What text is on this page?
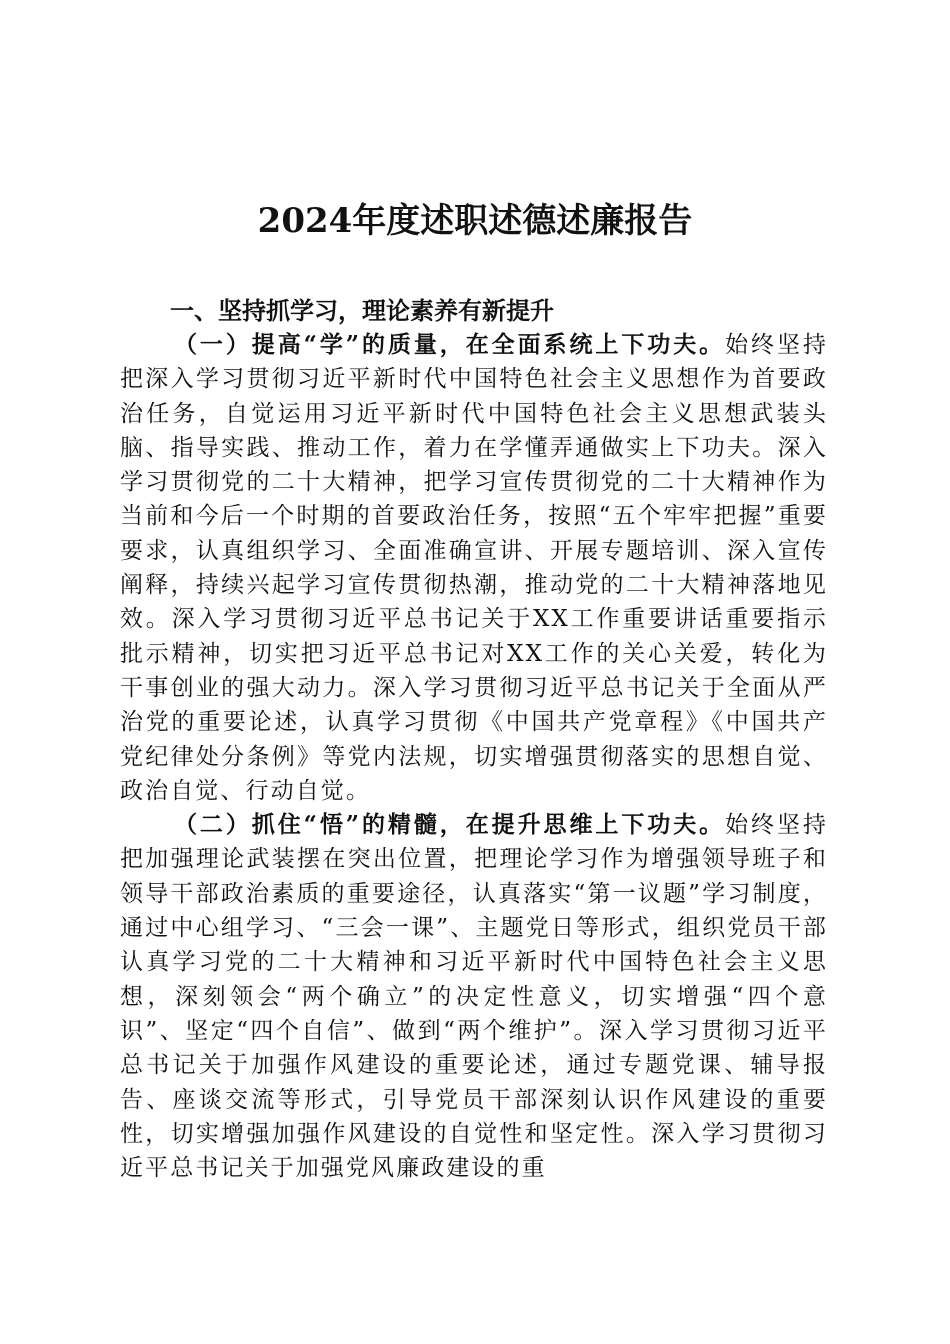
2024年度述职述德述廉报告

一、坚持抓学习，理论素养有新提升

（一）提高“学”的质量，在全面系统上下功夫。始终坚持把深入学习贯彻习近平新时代中国特色社会主义思想作为首要政治任务，自觉运用习近平新时代中国特色社会主义思想武装头脑、指导实践、推动工作，着力在学懂弄通做实上下功夫。深入学习贯彻党的二十大精神，把学习宣传贯彻党的二十大精神作为当前和今后一个时期的首要政治任务，按照“五个牢牢把握”重要要求，认真组织学习、全面准确宣讲、开展专题培训、深入宣传阐释，持续兴起学习宣传贯彻热潮，推动党的二十大精神落地见效。深入学习贯彻习近平总书记关于XX工作重要讲话重要指示批示精神，切实把习近平总书记对XX工作的关心关爱，转化为干事创业的强大动力。深入学习贯彻习近平总书记关于全面从严治党的重要论述，认真学习贯彻《中国共产党章程》《中国共产党纪律处分条例》等党内法规，切实增强贯彻落实的思想自觉、政治自觉、行动自觉。

（二）抓住“悟”的精髓，在提升思维上下功夫。始终坚持把加强理论武装摆在突出位置，把理论学习作为增强领导班子和领导干部政治素质的重要途径，认真落实“第一议题”学习制度，通过中心组学习、“三会一课”、主题党日等形式，组织党员干部认真学习党的二十大精神和习近平新时代中国特色社会主义思想，深刻领会“两个确立”的决定性意义，切实增强“四个意识”、坚定“四个自信”、做到“两个维护”。深入学习贯彻习近平总书记关于加强作风建设的重要论述，通过专题党课、辅导报告、座谈交流等形式，引导党员干部深刻认识作风建设的重要性，切实增强加强作风建设的自觉性和坚定性。深入学习贯彻习近平总书记关于加强党风廉政建设的重
